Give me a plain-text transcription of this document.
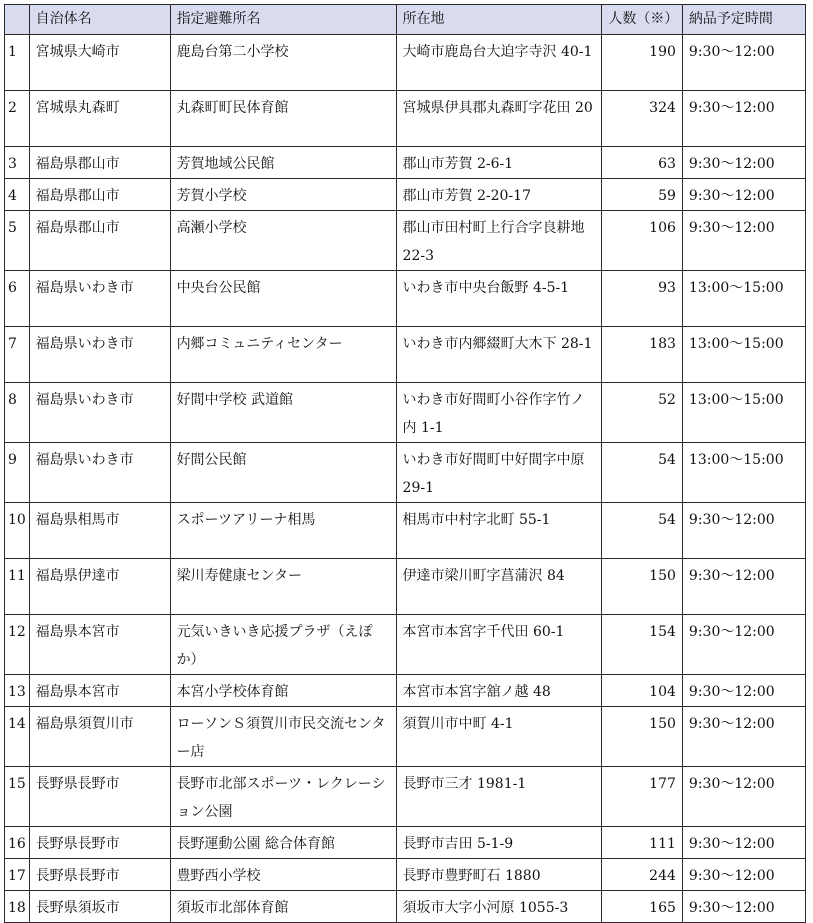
	自治体名	指定避難所名	所在地	人数（※）	納品予定時間
1	宮城県大崎市	鹿島台第二小学校	大崎市鹿島台大迫字寺沢 40-1	190	9:30～12:00
2	宮城県丸森町	丸森町町民体育館	宮城県伊具郡丸森町字花田 20	324	9:30～12:00
3	福島県郡山市	芳賀地域公民館	郡山市芳賀 2-6-1	63	9:30～12:00
4	福島県郡山市	芳賀小学校	郡山市芳賀 2-20-17	59	9:30～12:00
5	福島県郡山市	高瀬小学校	郡山市田村町上行合字良耕地 22-3	106	9:30～12:00
6	福島県いわき市	中央台公民館	いわき市中央台飯野 4-5-1	93	13:00～15:00
7	福島県いわき市	内郷コミュニティセンター	いわき市内郷綴町大木下 28-1	183	13:00～15:00
8	福島県いわき市	好間中学校 武道館	いわき市好間町小谷作字竹ノ内 1-1	52	13:00～15:00
9	福島県いわき市	好間公民館	いわき市好間町中好間字中原 29-1	54	13:00～15:00
10	福島県相馬市	スポーツアリーナ相馬	相馬市中村字北町 55-1	54	9:30～12:00
11	福島県伊達市	梁川寿健康センター	伊達市梁川町字菖蒲沢 84	150	9:30～12:00
12	福島県本宮市	元気いきいき応援プラザ（えぽか）	本宮市本宮字千代田 60-1	154	9:30～12:00
13	福島県本宮市	本宮小学校体育館	本宮市本宮字舘ノ越 48	104	9:30～12:00
14	福島県須賀川市	ローソンＳ須賀川市民交流センター店	須賀川市中町 4-1	150	9:30～12:00
15	長野県長野市	長野市北部スポーツ・レクレーション公園	長野市三才 1981-1	177	9:30～12:00
16	長野県長野市	長野運動公園 総合体育館	長野市吉田 5-1-9	111	9:30～12:00
17	長野県長野市	豊野西小学校	長野市豊野町石 1880	244	9:30～12:00
18	長野県須坂市	須坂市北部体育館	須坂市大字小河原 1055-3	165	9:30～12:00
